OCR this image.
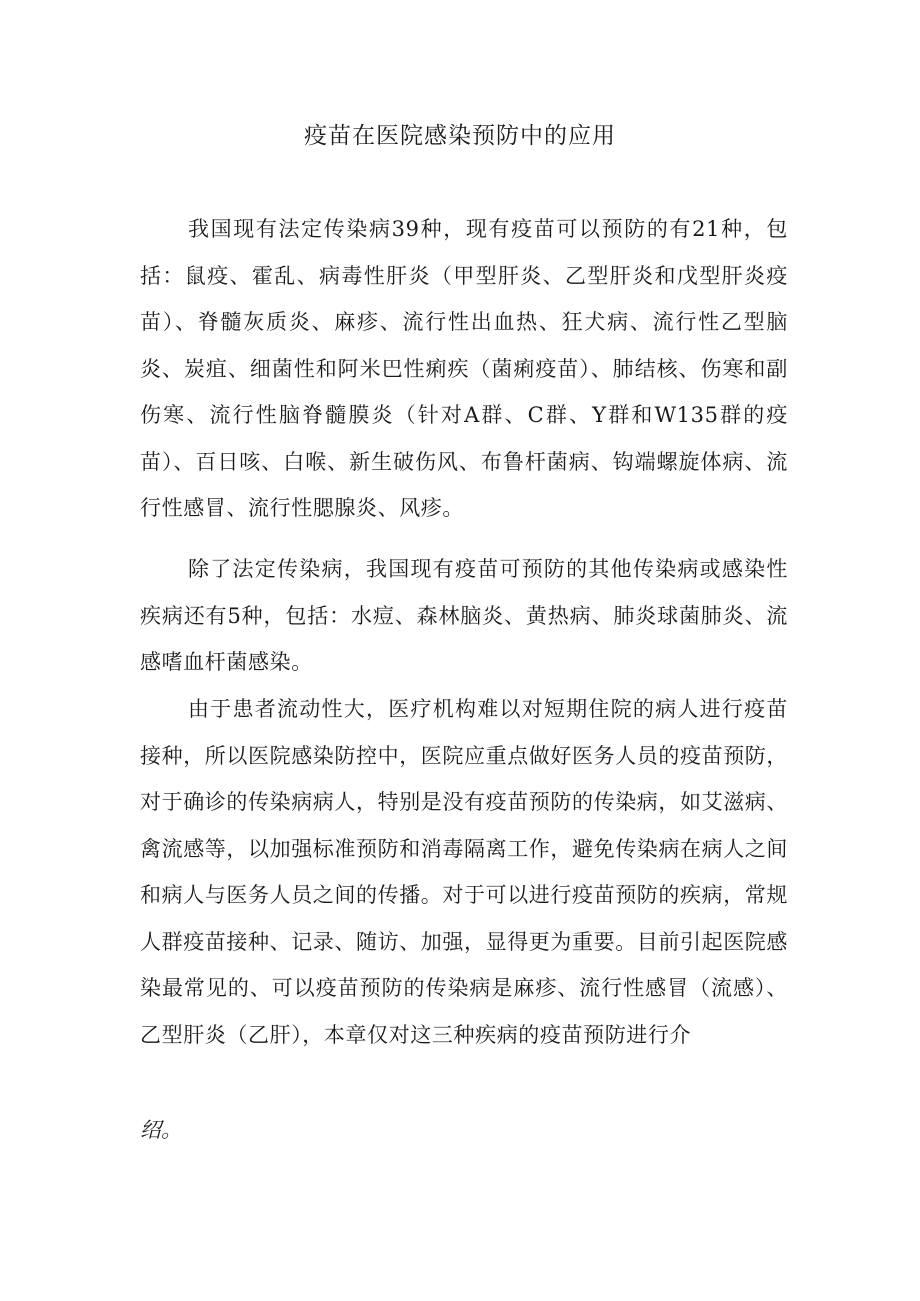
疫苗在医院感染预防中的应用

我国现有法定传染病39种，现有疫苗可以预防的有21种，包括：鼠疫、霍乱、病毒性肝炎（甲型肝炎、乙型肝炎和戊型肝炎疫苗）、脊髓灰质炎、麻疹、流行性出血热、狂犬病、流行性乙型脑炎、炭疽、细菌性和阿米巴性痢疾（菌痢疫苗）、肺结核、伤寒和副伤寒、流行性脑脊髓膜炎（针对A群、C群、Y群和W135群的疫苗）、百日咳、白喉、新生破伤风、布鲁杆菌病、钩端螺旋体病、流行性感冒、流行性腮腺炎、风疹。

除了法定传染病，我国现有疫苗可预防的其他传染病或感染性疾病还有5种，包括：水痘、森林脑炎、黄热病、肺炎球菌肺炎、流感嗜血杆菌感染。

由于患者流动性大，医疗机构难以对短期住院的病人进行疫苗接种，所以医院感染防控中，医院应重点做好医务人员的疫苗预防，对于确诊的传染病病人，特别是没有疫苗预防的传染病，如艾滋病、禽流感等，以加强标准预防和消毒隔离工作，避免传染病在病人之间和病人与医务人员之间的传播。对于可以进行疫苗预防的疾病，常规人群疫苗接种、记录、随访、加强，显得更为重要。目前引起医院感染最常见的、可以疫苗预防的传染病是麻疹、流行性感冒（流感）、乙型肝炎（乙肝），本章仅对这三种疾病的疫苗预防进行介

绍。
